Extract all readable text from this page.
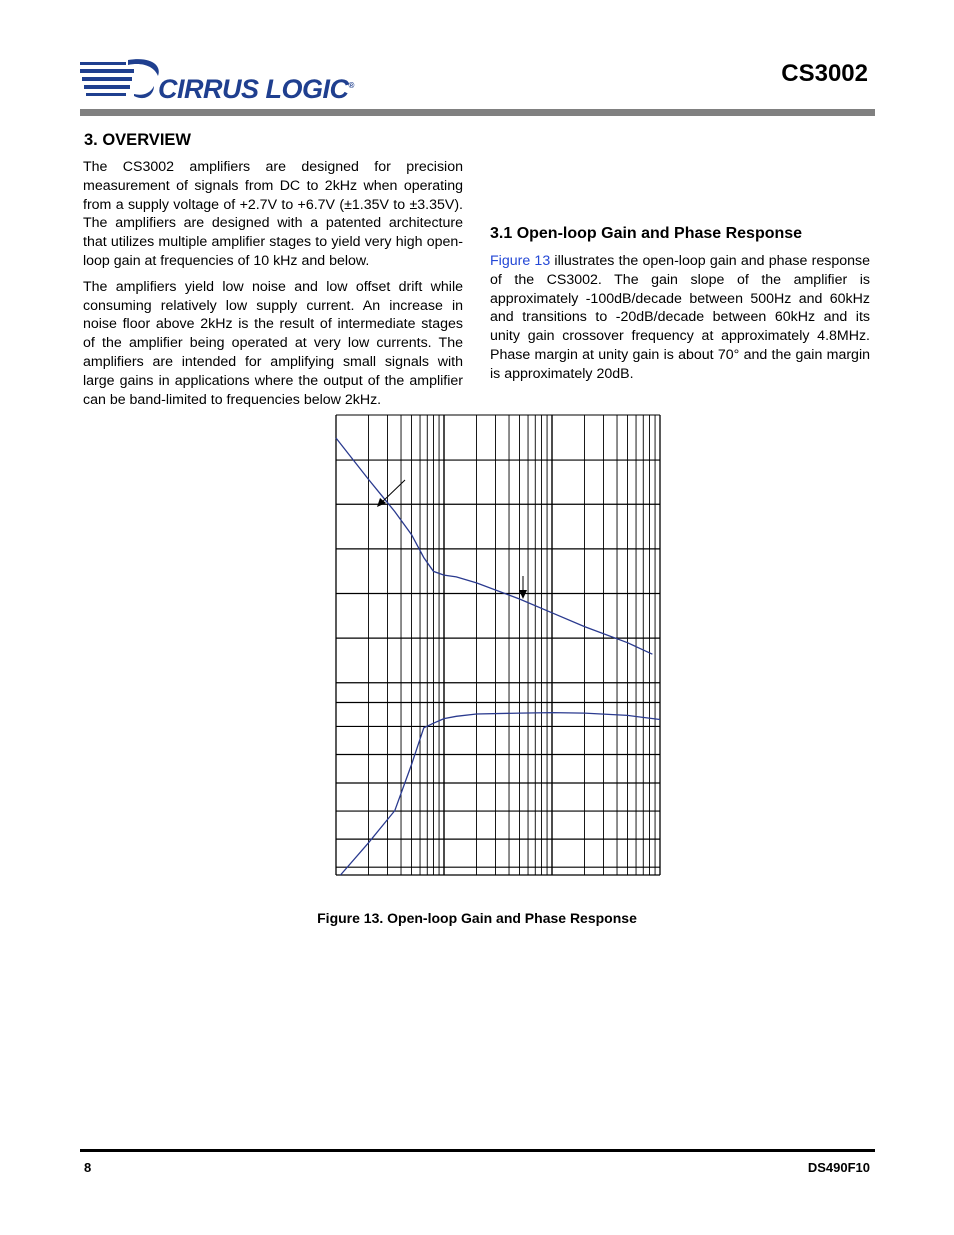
CIRRUS LOGIC®	CS3002
3. OVERVIEW

The CS3002 amplifiers are designed for precision measurement of signals from DC to 2kHz when operating from a supply voltage of +2.7V to +6.7V (±1.35V to ±3.35V). The amplifiers are designed with a patented architecture that utilizes multiple amplifier stages to yield very high open-loop gain at frequencies of 10 kHz and below.

The amplifiers yield low noise and low offset drift while consuming relatively low supply current. An increase in noise floor above 2kHz is the result of intermediate stages of the amplifier being operated at very low currents. The amplifiers are intended for amplifying small signals with large gains in applications where the output of the amplifier can be band-limited to frequencies below 2kHz.

3.1 Open-loop Gain and Phase Response

Figure 13 illustrates the open-loop gain and phase response of the CS3002. The gain slope of the amplifier is approximately -100dB/decade between 500Hz and 60kHz and transitions to -20dB/decade between 60kHz and its unity gain crossover frequency at approximately 4.8MHz. Phase margin at unity gain is about 70° and the gain margin is approximately 20dB.

Figure 13. Open-loop Gain and Phase Response
8	DS490F10
